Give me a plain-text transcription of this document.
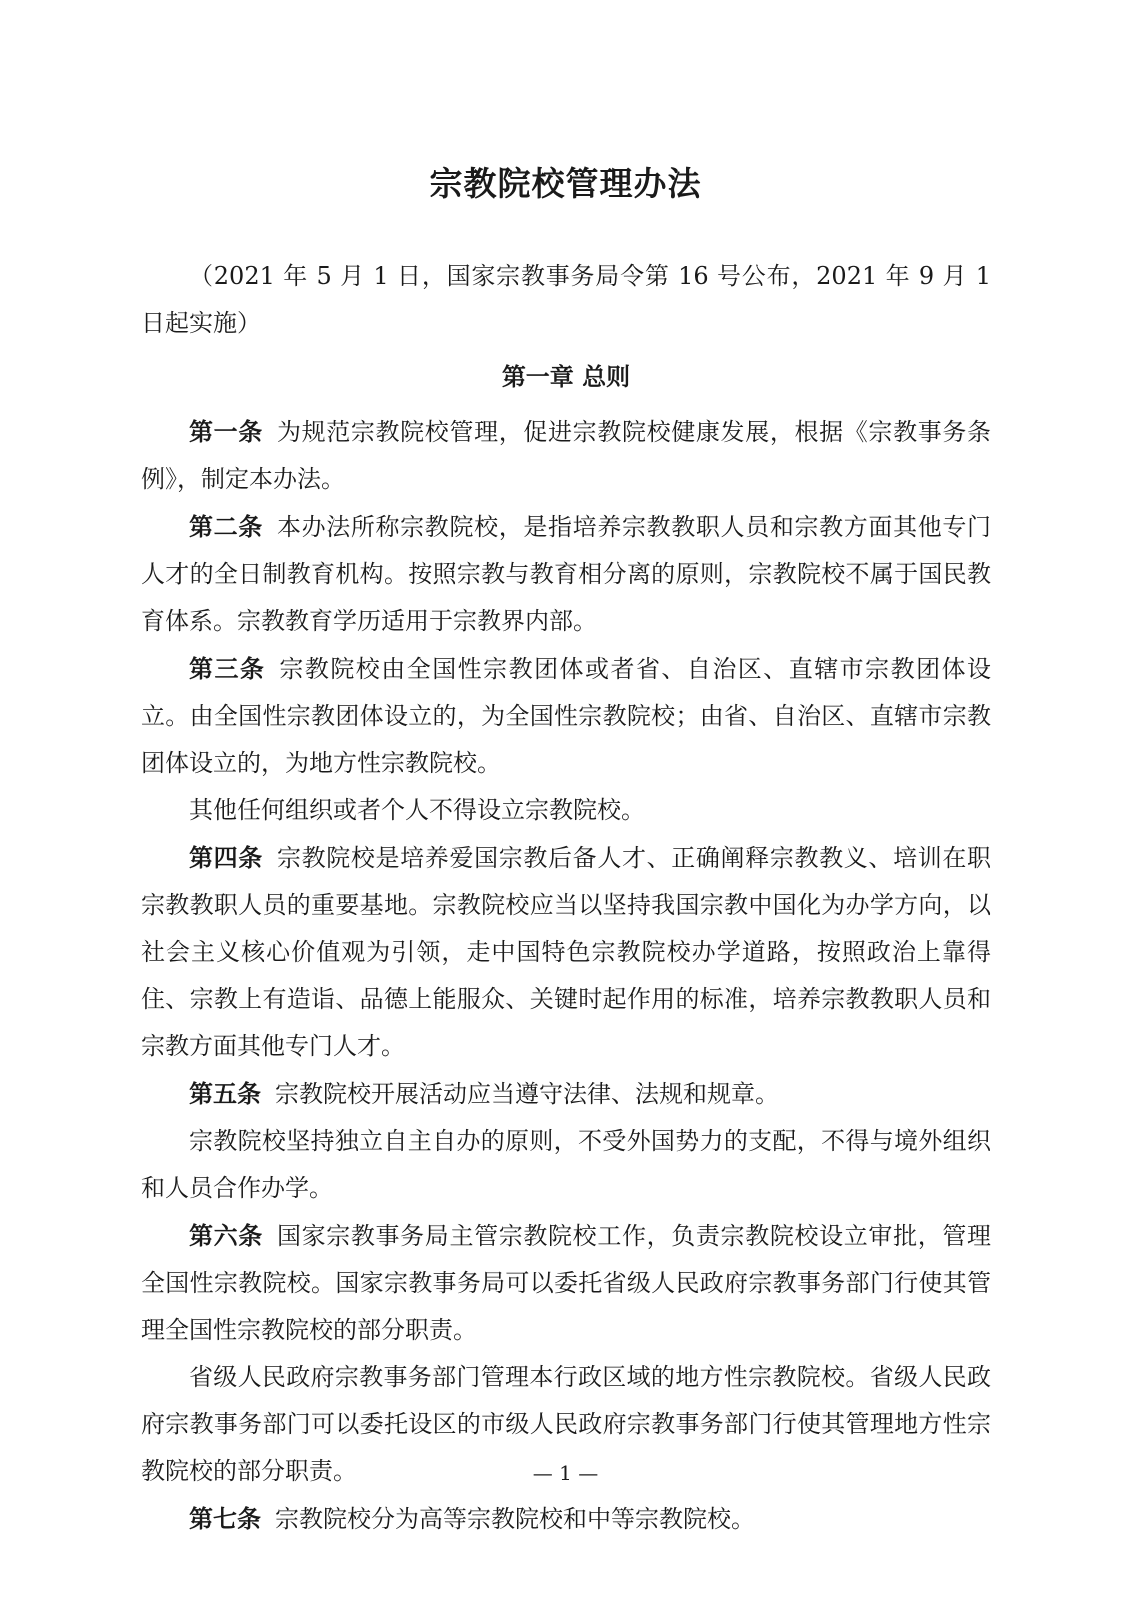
宗教院校管理办法

（2021 年 5 月 1 日，国家宗教事务局令第 16 号公布，2021 年 9 月 1 日起实施）

第一章 总则

第一条 为规范宗教院校管理，促进宗教院校健康发展，根据《宗教事务条例》，制定本办法。

第二条 本办法所称宗教院校，是指培养宗教教职人员和宗教方面其他专门人才的全日制教育机构。按照宗教与教育相分离的原则，宗教院校不属于国民教育体系。宗教教育学历适用于宗教界内部。

第三条 宗教院校由全国性宗教团体或者省、自治区、直辖市宗教团体设立。由全国性宗教团体设立的，为全国性宗教院校；由省、自治区、直辖市宗教团体设立的，为地方性宗教院校。

其他任何组织或者个人不得设立宗教院校。

第四条 宗教院校是培养爱国宗教后备人才、正确阐释宗教教义、培训在职宗教教职人员的重要基地。宗教院校应当以坚持我国宗教中国化为办学方向，以社会主义核心价值观为引领，走中国特色宗教院校办学道路，按照政治上靠得住、宗教上有造诣、品德上能服众、关键时起作用的标准，培养宗教教职人员和宗教方面其他专门人才。

第五条 宗教院校开展活动应当遵守法律、法规和规章。

宗教院校坚持独立自主自办的原则，不受外国势力的支配，不得与境外组织和人员合作办学。

第六条 国家宗教事务局主管宗教院校工作，负责宗教院校设立审批，管理全国性宗教院校。国家宗教事务局可以委托省级人民政府宗教事务部门行使其管理全国性宗教院校的部分职责。

省级人民政府宗教事务部门管理本行政区域的地方性宗教院校。省级人民政府宗教事务部门可以委托设区的市级人民政府宗教事务部门行使其管理地方性宗教院校的部分职责。

第七条 宗教院校分为高等宗教院校和中等宗教院校。

— 1 —
